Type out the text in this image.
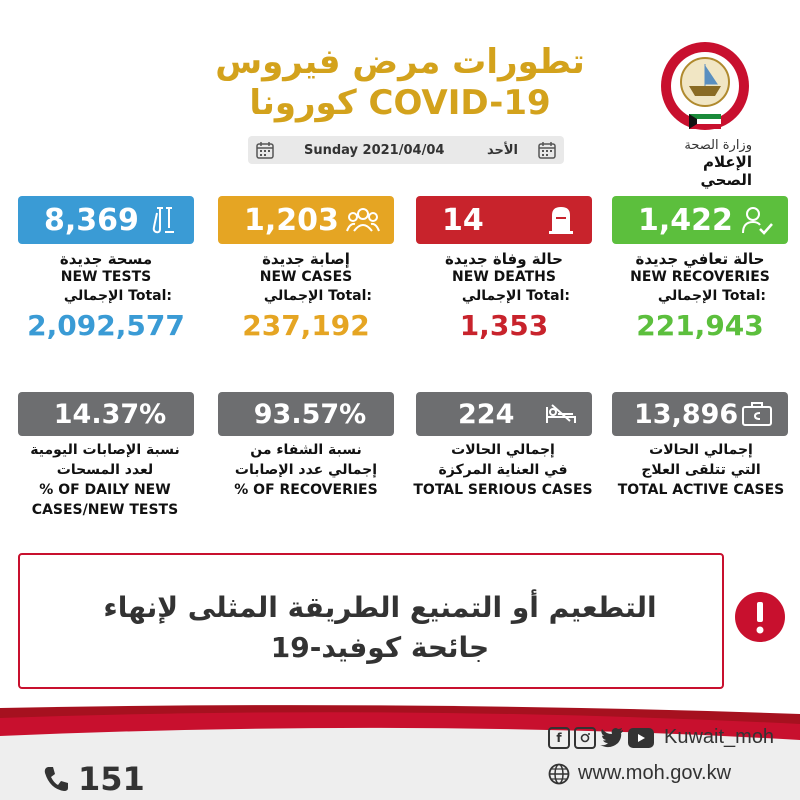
تطورات مرض فيروس
كورونا COVID-19
وزارة الصحة
الإعلام الصحي
Sunday 2021/04/04	الأحد
8,369	1,203	14	1,422
مسحة جديدة
NEW TESTS
الإجمالي Total:
2,092,577
إصابة جديدة
NEW CASES
الإجمالي Total:
237,192
حالة وفاة جديدة
NEW DEATHS
الإجمالي Total:
1,353
حالة تعافي جديدة
NEW RECOVERIES
الإجمالي Total:
221,943
14.37%	93.57%	224	13,896
نسبة الإصابات اليومية
لعدد المسحات
% OF DAILY NEW
CASES/NEW TESTS
نسبة الشفاء من
إجمالي عدد الإصابات
% OF RECOVERIES
إجمالي الحالات
في العناية المركزة
TOTAL SERIOUS CASES
إجمالي الحالات
التي تتلقى العلاج
TOTAL ACTIVE CASES
التطعيم أو التمنيع الطريقة المثلى لإنهاء
جائحة كوفيد-19
f	Kuwait_moh
www.moh.gov.kw
151
